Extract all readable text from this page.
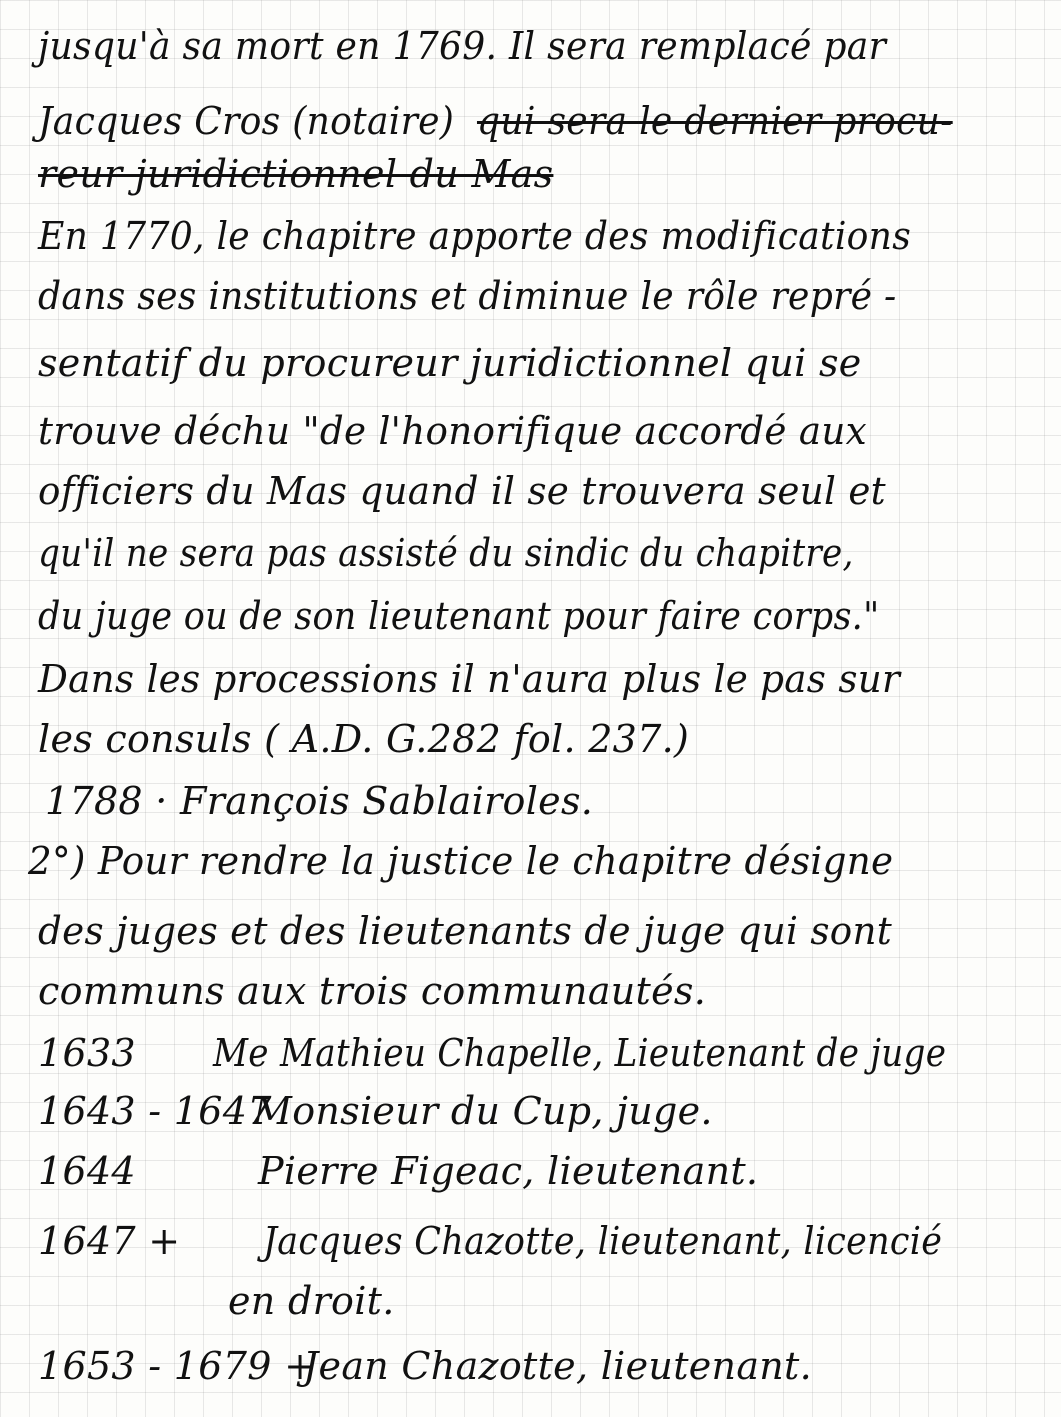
jusqu'à sa mort en 1769. Il sera remplacé par
Jacques Cros (notaire) qui sera le dernier procu-
reur juridictionnel du Mas
En 1770, le chapitre apporte des modifications
dans ses institutions et diminue le rôle repré -
sentatif du procureur juridictionnel qui se
trouve déchu "de l'honorifique accordé aux
officiers du Mas quand il se trouvera seul et
qu'il ne sera pas assisté du sindic du chapitre,
du juge ou de son lieutenant pour faire corps."
Dans les processions il n'aura plus le pas sur
les consuls ( A.D. G.282 fol. 237.)
1788 · François Sablairoles.
2°) Pour rendre la justice le chapitre désigne
des juges et des lieutenants de juge qui sont
communs aux trois communautés.
1633 Me Mathieu Chapelle, Lieutenant de juge
1643 - 1647
Monsieur du Cup, juge.
1644	Pierre Figeac, lieutenant.
1647 + Jacques Chazotte, lieutenant, licencié
en droit.
1653 - 1679 +
Jean Chazotte, lieutenant.
